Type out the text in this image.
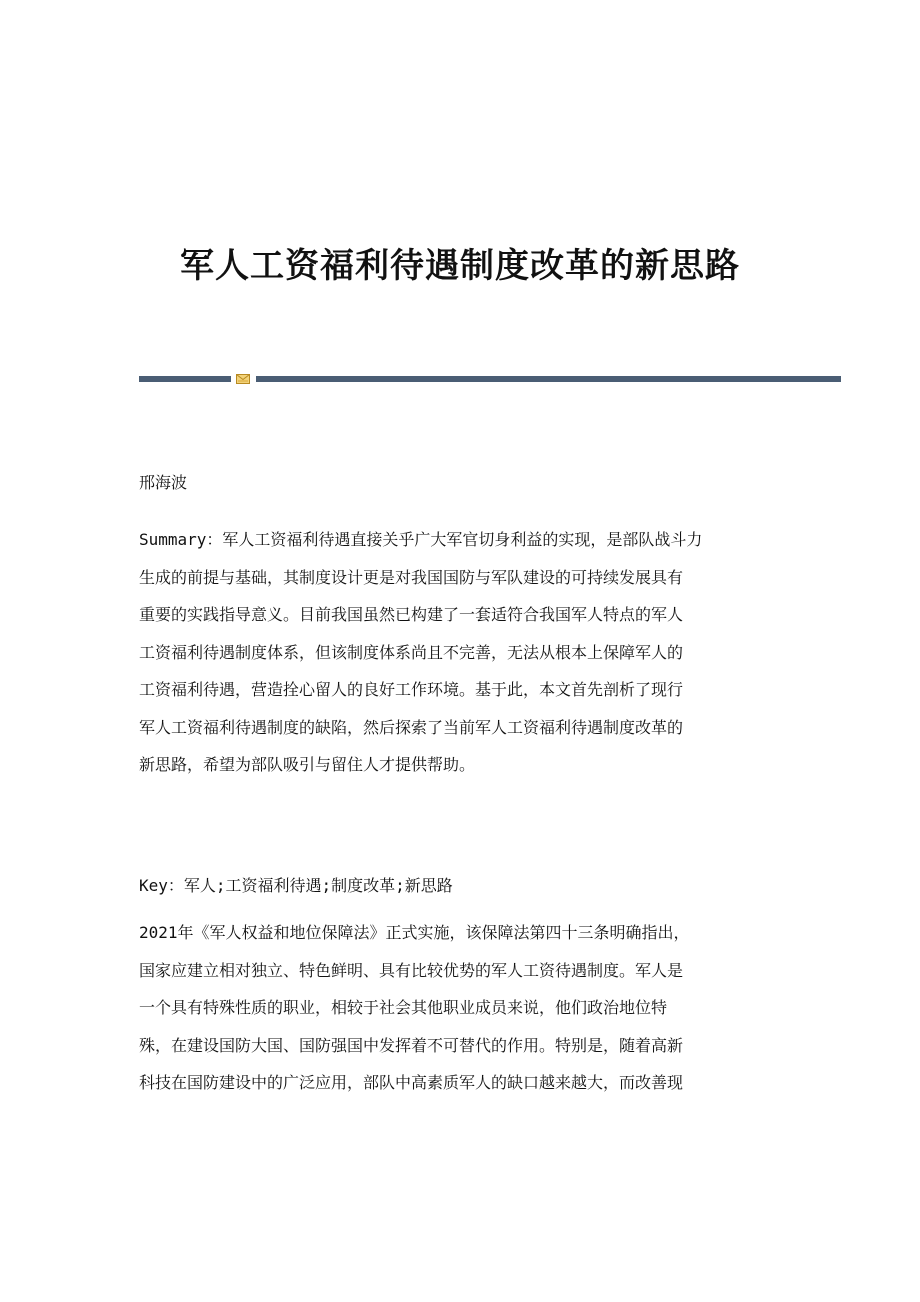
军人工资福利待遇制度改革的新思路

邢海波

Summary：军人工资福利待遇直接关乎广大军官切身利益的实现，是部队战斗力
生成的前提与基础，其制度设计更是对我国国防与军队建设的可持续发展具有
重要的实践指导意义。目前我国虽然已构建了一套适符合我国军人特点的军人
工资福利待遇制度体系，但该制度体系尚且不完善，无法从根本上保障军人的
工资福利待遇，营造拴心留人的良好工作环境。基于此，本文首先剖析了现行
军人工资福利待遇制度的缺陷，然后探索了当前军人工资福利待遇制度改革的
新思路，希望为部队吸引与留住人才提供帮助。

Key：军人;工资福利待遇;制度改革;新思路

2021年《军人权益和地位保障法》正式实施，该保障法第四十三条明确指出，
国家应建立相对独立、特色鲜明、具有比较优势的军人工资待遇制度。军人是
一个具有特殊性质的职业，相较于社会其他职业成员来说，他们政治地位特
殊，在建设国防大国、国防强国中发挥着不可替代的作用。特别是，随着高新
科技在国防建设中的广泛应用，部队中高素质军人的缺口越来越大，而改善现
